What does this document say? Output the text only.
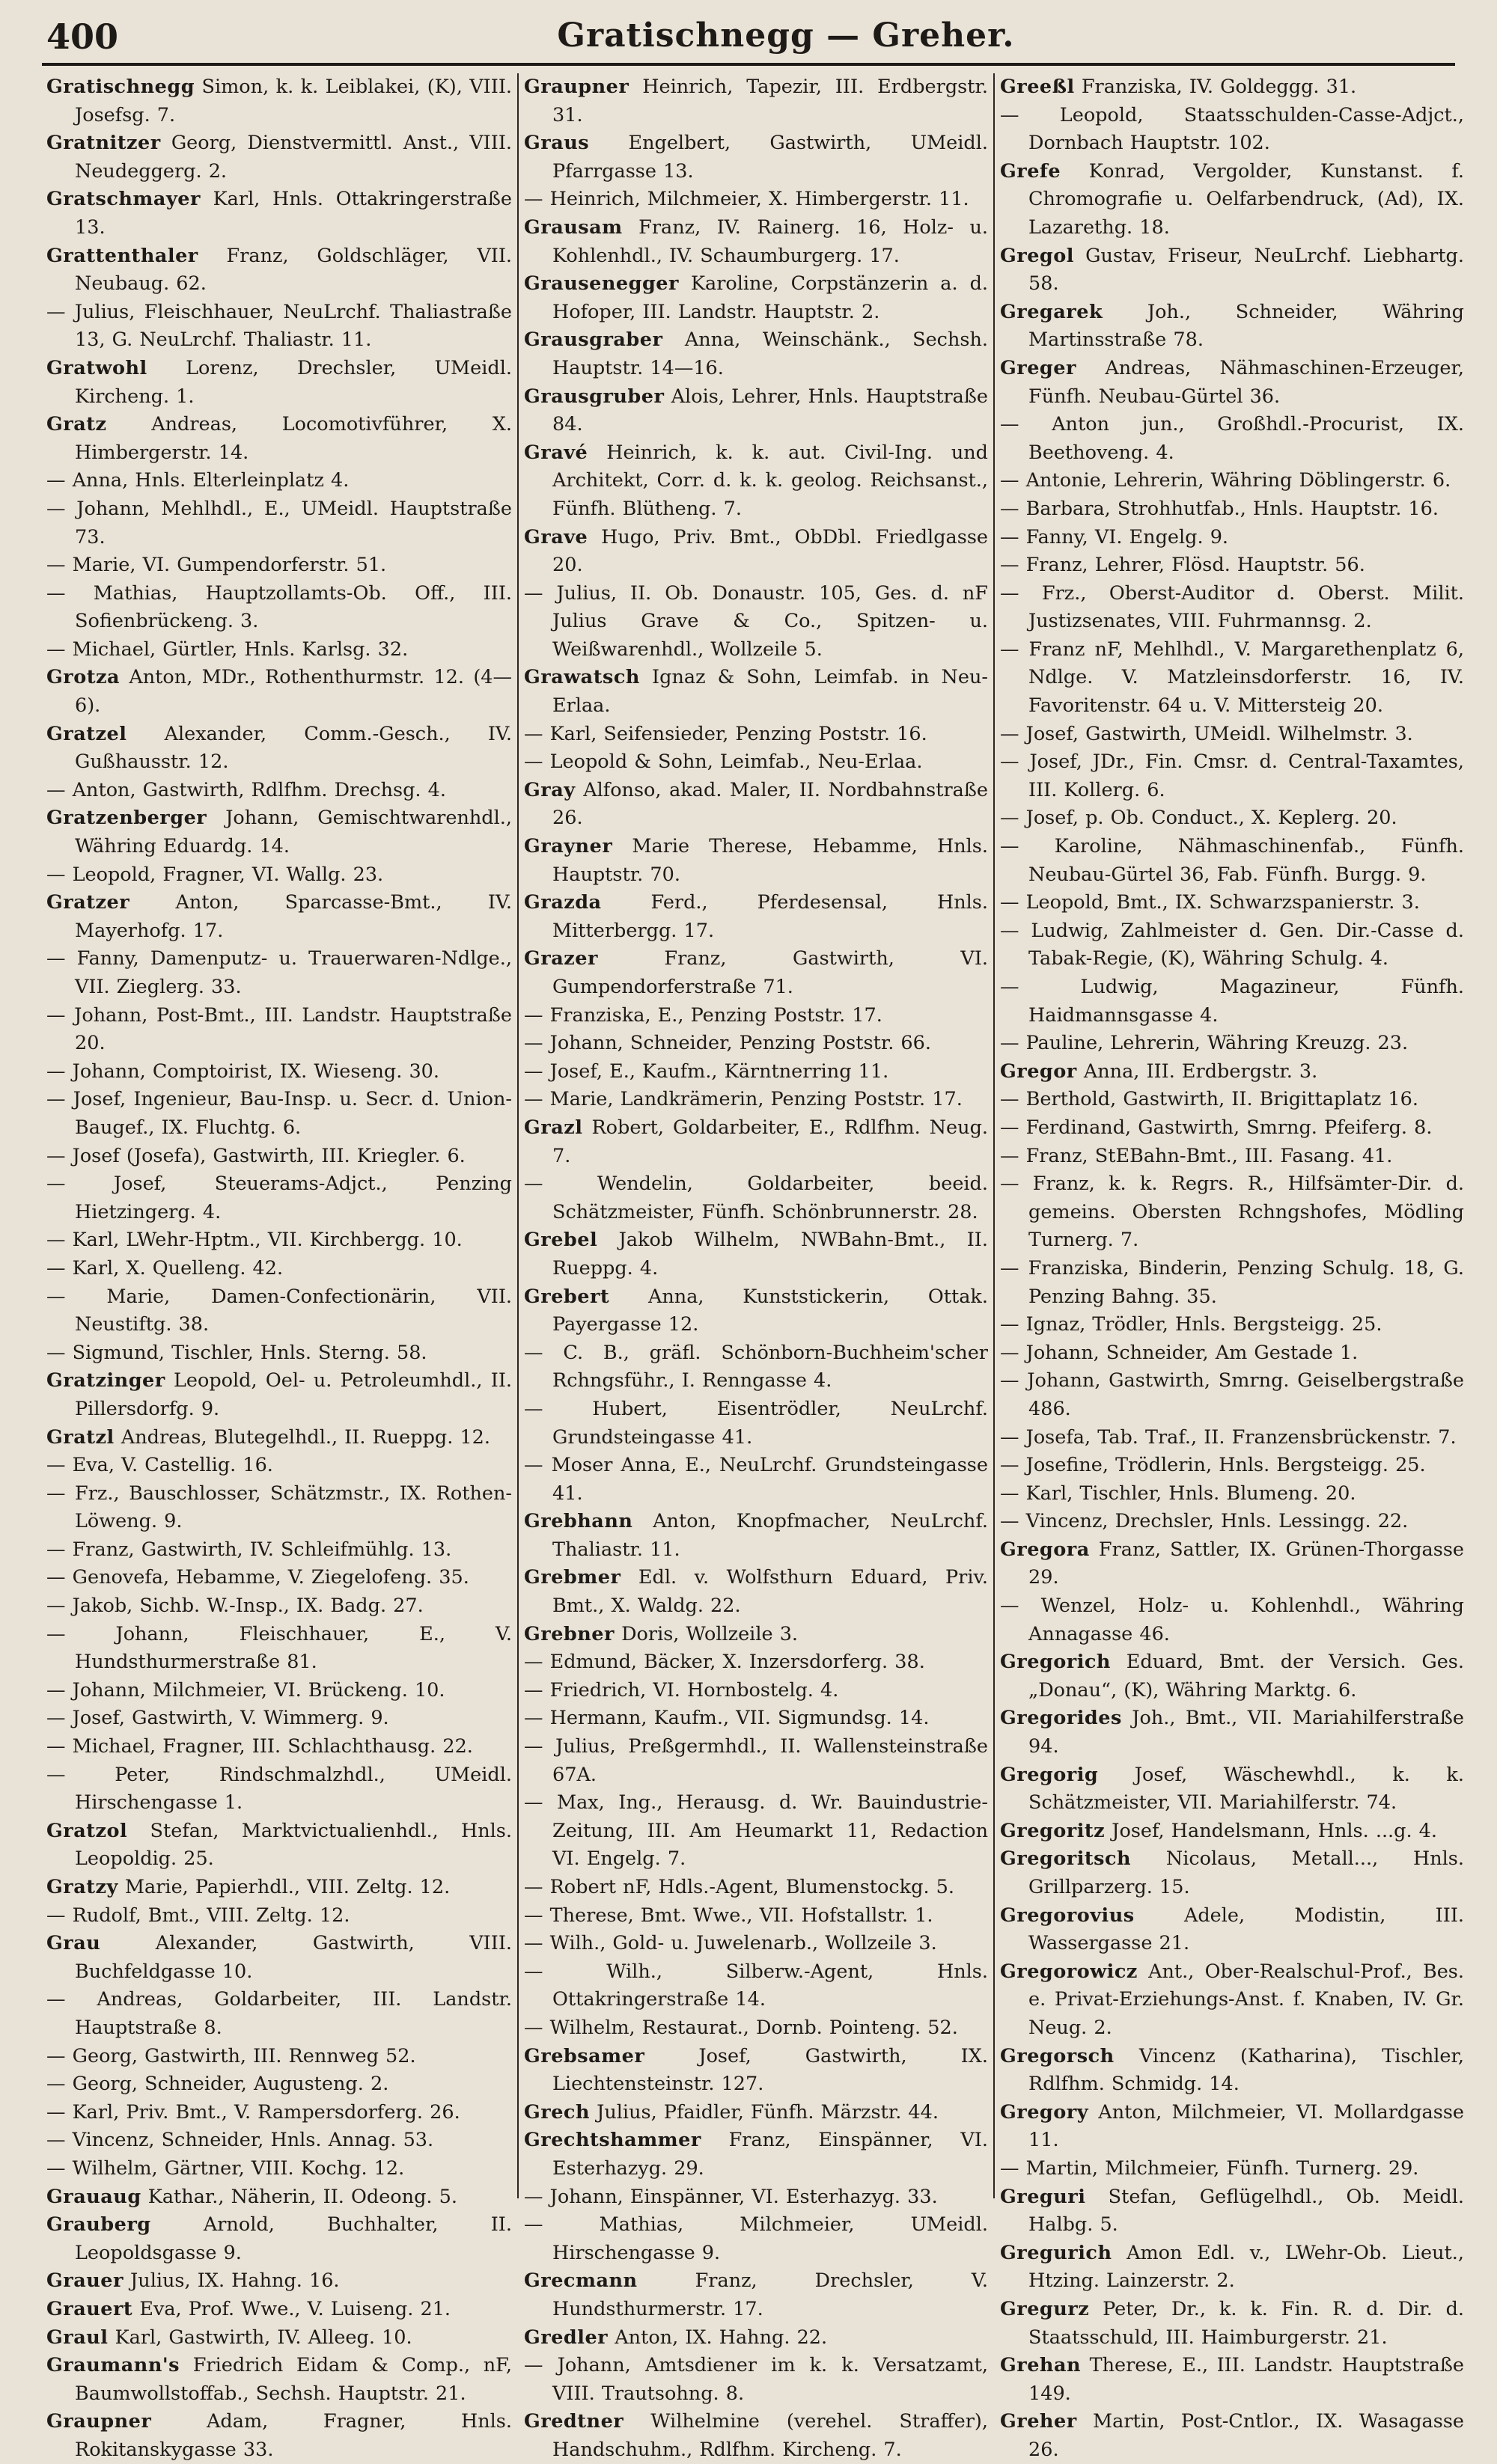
400	Gratischnegg — Greher.

Gratischnegg Simon, k. k. Leiblakei, (K), VIII. Josefsg. 7.

Gratnitzer Georg, Dienstvermittl. Anst., VIII. Neudeggerg. 2.

Gratschmayer Karl, Hnls. Ottakringerstraße 13.

Grattenthaler Franz, Goldschläger, VII. Neubaug. 62.

— Julius, Fleischhauer, NeuLrchf. Thaliastraße 13, G. NeuLrchf. Thaliastr. 11.

Gratwohl Lorenz, Drechsler, UMeidl. Kircheng. 1.

Gratz Andreas, Locomotivführer, X. Himbergerstr. 14.

— Anna, Hnls. Elterleinplatz 4.

— Johann, Mehlhdl., E., UMeidl. Hauptstraße 73.

— Marie, VI. Gumpendorferstr. 51.

— Mathias, Hauptzollamts-Ob. Off., III. Sofienbrückeng. 3.

— Michael, Gürtler, Hnls. Karlsg. 32.

Grotza Anton, MDr., Rothenthurmstr. 12. (4—6).

Gratzel Alexander, Comm.-Gesch., IV. Gußhausstr. 12.

— Anton, Gastwirth, Rdlfhm. Drechsg. 4.

Gratzenberger Johann, Gemischtwarenhdl., Währing Eduardg. 14.

— Leopold, Fragner, VI. Wallg. 23.

Gratzer Anton, Sparcasse-Bmt., IV. Mayerhofg. 17.

— Fanny, Damenputz- u. Trauerwaren-Ndlge., VII. Zieglerg. 33.

— Johann, Post-Bmt., III. Landstr. Hauptstraße 20.

— Johann, Comptoirist, IX. Wieseng. 30.

— Josef, Ingenieur, Bau-Insp. u. Secr. d. Union-Baugef., IX. Fluchtg. 6.

— Josef (Josefa), Gastwirth, III. Kriegler. 6.

— Josef, Steuerams-Adjct., Penzing Hietzingerg. 4.

— Karl, LWehr-Hptm., VII. Kirchbergg. 10.

— Karl, X. Quelleng. 42.

— Marie, Damen-Confectionärin, VII. Neustiftg. 38.

— Sigmund, Tischler, Hnls. Sterng. 58.

Gratzinger Leopold, Oel- u. Petroleumhdl., II. Pillersdorfg. 9.

Gratzl Andreas, Blutegelhdl., II. Rueppg. 12.

— Eva, V. Castellig. 16.

— Frz., Bauschlosser, Schätzmstr., IX. Rothen-Löweng. 9.

— Franz, Gastwirth, IV. Schleifmühlg. 13.

— Genovefa, Hebamme, V. Ziegelofeng. 35.

— Jakob, Sichb. W.-Insp., IX. Badg. 27.

— Johann, Fleischhauer, E., V. Hundsthurmerstraße 81.

— Johann, Milchmeier, VI. Brückeng. 10.

— Josef, Gastwirth, V. Wimmerg. 9.

— Michael, Fragner, III. Schlachthausg. 22.

— Peter, Rindschmalzhdl., UMeidl. Hirschengasse 1.

Gratzol Stefan, Marktvictualienhdl., Hnls. Leopoldig. 25.

Gratzy Marie, Papierhdl., VIII. Zeltg. 12.

— Rudolf, Bmt., VIII. Zeltg. 12.

Grau	Alexander, Gastwirth, VIII. Buchfeldgasse 10.

— Andreas, Goldarbeiter, III. Landstr. Hauptstraße 8.

— Georg, Gastwirth, III. Rennweg 52.

— Georg, Schneider, Augusteng. 2.

— Karl, Priv. Bmt., V. Rampersdorferg. 26.

— Vincenz, Schneider, Hnls. Annag. 53.

— Wilhelm, Gärtner, VIII. Kochg. 12.

Grauaug Kathar., Näherin, II. Odeong. 5.

Grauberg	Arnold, Buchhalter, II. Leopoldsgasse 9.

Grauer Julius, IX. Hahng. 16.

Grauert Eva, Prof. Wwe., V. Luiseng. 21.

Graul Karl, Gastwirth, IV. Alleeg. 10.

Graumann's Friedrich Eidam & Comp., nF, Baumwollstoffab., Sechsh. Hauptstr. 21.

Graupner	Adam, Fragner, Hnls. Rokitanskygasse 33.

Graupner Heinrich, Tapezir, III. Erdbergstr. 31.

Graus Engelbert, Gastwirth, UMeidl. Pfarrgasse 13.

— Heinrich, Milchmeier, X. Himbergerstr. 11.

Grausam Franz, IV. Rainerg. 16, Holz- u. Kohlenhdl., IV. Schaumburgerg. 17.

Grausenegger Karoline, Corpstänzerin a. d. Hofoper, III. Landstr. Hauptstr. 2.

Grausgraber Anna, Weinschänk., Sechsh. Hauptstr. 14—16.

Grausgruber Alois, Lehrer, Hnls. Hauptstraße 84.

Gravé Heinrich, k. k. aut. Civil-Ing. und Architekt, Corr. d. k. k. geolog. Reichsanst., Fünfh. Blütheng. 7.

Grave Hugo, Priv. Bmt., ObDbl. Friedlgasse 20.

— Julius, II. Ob. Donaustr. 105, Ges. d. nF Julius Grave & Co., Spitzen- u. Weißwarenhdl., Wollzeile 5.

Grawatsch Ignaz & Sohn, Leimfab. in Neu-Erlaa.

— Karl, Seifensieder, Penzing Poststr. 16.

— Leopold & Sohn, Leimfab., Neu-Erlaa.

Gray Alfonso, akad. Maler, II. Nordbahnstraße 26.

Grayner Marie Therese, Hebamme, Hnls. Hauptstr. 70.

Grazda	Ferd., Pferdesensal, Hnls. Mitterbergg. 17.

Grazer	Franz, Gastwirth, VI. Gumpendorferstraße 71.

— Franziska, E., Penzing Poststr. 17.

— Johann, Schneider, Penzing Poststr. 66.

— Josef, E., Kaufm., Kärntnerring 11.

— Marie, Landkrämerin, Penzing Poststr. 17.

Grazl Robert, Goldarbeiter, E., Rdlfhm. Neug. 7.

— Wendelin, Goldarbeiter, beeid. Schätzmeister, Fünfh. Schönbrunnerstr. 28.

Grebel Jakob Wilhelm, NWBahn-Bmt., II. Rueppg. 4.

Grebert Anna, Kunststickerin, Ottak. Payergasse 12.

— C. B., gräfl. Schönborn-Buchheim'scher Rchngsführ., I. Renngasse 4.

— Hubert, Eisentrödler, NeuLrchf. Grundsteingasse 41.

— Moser Anna, E., NeuLrchf. Grundsteingasse 41.

Grebhann Anton, Knopfmacher, NeuLrchf. Thaliastr. 11.

Grebmer Edl. v. Wolfsthurn Eduard, Priv. Bmt., X. Waldg. 22.

Grebner Doris, Wollzeile 3.

— Edmund, Bäcker, X. Inzersdorferg. 38.

— Friedrich, VI. Hornbostelg. 4.

— Hermann, Kaufm., VII. Sigmundsg. 14.

— Julius, Preßgermhdl., II. Wallensteinstraße 67A.

— Max, Ing., Herausg. d. Wr. Bauindustrie-Zeitung, III. Am Heumarkt 11, Redaction VI. Engelg. 7.

— Robert nF, Hdls.-Agent, Blumenstockg. 5.

— Therese, Bmt. Wwe., VII. Hofstallstr. 1.

— Wilh., Gold- u. Juwelenarb., Wollzeile 3.

— Wilh., Silberw.-Agent, Hnls. Ottakringerstraße 14.

— Wilhelm, Restaurat., Dornb. Pointeng. 52.

Grebsamer	Josef, Gastwirth, IX. Liechtensteinstr. 127.

Grech Julius, Pfaidler, Fünfh. Märzstr. 44.

Grechtshammer Franz, Einspänner, VI. Esterhazyg. 29.

— Johann, Einspänner, VI. Esterhazyg. 33.

— Mathias, Milchmeier, UMeidl. Hirschengasse 9.

Grecmann	Franz, Drechsler, V. Hundsthurmerstr. 17.

Gredler Anton, IX. Hahng. 22.

— Johann, Amtsdiener im k. k. Versatzamt, VIII. Trautsohng. 8.

Gredtner Wilhelmine (verehel. Straffer), Handschuhm., Rdlfhm. Kircheng. 7.

Greeßl Franziska, IV. Goldeggg. 31.

— Leopold, Staatsschulden-Casse-Adjct., Dornbach Hauptstr. 102.

Grefe Konrad, Vergolder, Kunstanst. f. Chromografie u. Oelfarbendruck, (Ad), IX. Lazarethg. 18.

Gregol Gustav, Friseur, NeuLrchf. Liebhartg. 58.

Gregarek Joh., Schneider, Währing Martinsstraße 78.

Greger Andreas, Nähmaschinen-Erzeuger, Fünfh. Neubau-Gürtel 36.

— Anton jun., Großhdl.-Procurist, IX. Beethoveng. 4.

— Antonie, Lehrerin, Währing Döblingerstr. 6.

— Barbara, Strohhutfab., Hnls. Hauptstr. 16.

— Fanny, VI. Engelg. 9.

— Franz, Lehrer, Flösd. Hauptstr. 56.

— Frz., Oberst-Auditor d. Oberst. Milit. Justizsenates, VIII. Fuhrmannsg. 2.

— Franz nF, Mehlhdl., V. Margarethenplatz 6, Ndlge. V. Matzleinsdorferstr. 16, IV. Favoritenstr. 64 u. V. Mittersteig 20.

— Josef, Gastwirth, UMeidl. Wilhelmstr. 3.

— Josef, JDr., Fin. Cmsr. d. Central-Taxamtes, III. Kollerg. 6.

— Josef, p. Ob. Conduct., X. Keplerg. 20.

— Karoline, Nähmaschinenfab., Fünfh. Neubau-Gürtel 36, Fab. Fünfh. Burgg. 9.

— Leopold, Bmt., IX. Schwarzspanierstr. 3.

— Ludwig, Zahlmeister d. Gen. Dir.-Casse d. Tabak-Regie, (K), Währing Schulg. 4.

— Ludwig, Magazineur, Fünfh. Haidmannsgasse 4.

— Pauline, Lehrerin, Währing Kreuzg. 23.

Gregor Anna, III. Erdbergstr. 3.

— Berthold, Gastwirth, II. Brigittaplatz 16.

— Ferdinand, Gastwirth, Smrng. Pfeiferg. 8.

— Franz, StEBahn-Bmt., III. Fasang. 41.

— Franz, k. k. Regrs. R., Hilfsämter-Dir. d. gemeins. Obersten Rchngshofes, Mödling Turnerg. 7.

— Franziska, Binderin, Penzing Schulg. 18, G. Penzing Bahng. 35.

— Ignaz, Trödler, Hnls. Bergsteigg. 25.

— Johann, Schneider, Am Gestade 1.

— Johann, Gastwirth, Smrng. Geiselbergstraße 486.

— Josefa, Tab. Traf., II. Franzensbrückenstr. 7.

— Josefine, Trödlerin, Hnls. Bergsteigg. 25.

— Karl, Tischler, Hnls. Blumeng. 20.

— Vincenz, Drechsler, Hnls. Lessingg. 22.

Gregora Franz, Sattler, IX. Grünen-Thorgasse 29.

— Wenzel, Holz- u. Kohlenhdl., Währing Annagasse 46.

Gregorich Eduard, Bmt. der Versich. Ges. „Donau“, (K), Währing Marktg. 6.

Gregorides Joh., Bmt., VII. Mariahilferstraße 94.

Gregorig Josef, Wäschewhdl., k. k. Schätzmeister, VII. Mariahilferstr. 74.

Gregoritz Josef, Handelsmann, Hnls. ...g. 4.

Gregoritsch Nicolaus, Metall..., Hnls. Grillparzerg. 15.

Gregorovius	Adele, Modistin, III. Wassergasse 21.

Gregorowicz Ant., Ober-Realschul-Prof., Bes. e. Privat-Erziehungs-Anst. f. Knaben, IV. Gr. Neug. 2.

Gregorsch Vincenz (Katharina), Tischler, Rdlfhm. Schmidg. 14.

Gregory Anton, Milchmeier, VI. Mollardgasse 11.

— Martin, Milchmeier, Fünfh. Turnerg. 29.

Greguri Stefan, Geflügelhdl., Ob. Meidl. Halbg. 5.

Gregurich Amon Edl. v., LWehr-Ob. Lieut., Htzing. Lainzerstr. 2.

Gregurz Peter, Dr., k. k. Fin. R. d. Dir. d. Staatsschuld, III. Haimburgerstr. 21.

Grehan Therese, E., III. Landstr. Hauptstraße 149.

Greher Martin, Post-Cntlor., IX. Wasagasse 26.
